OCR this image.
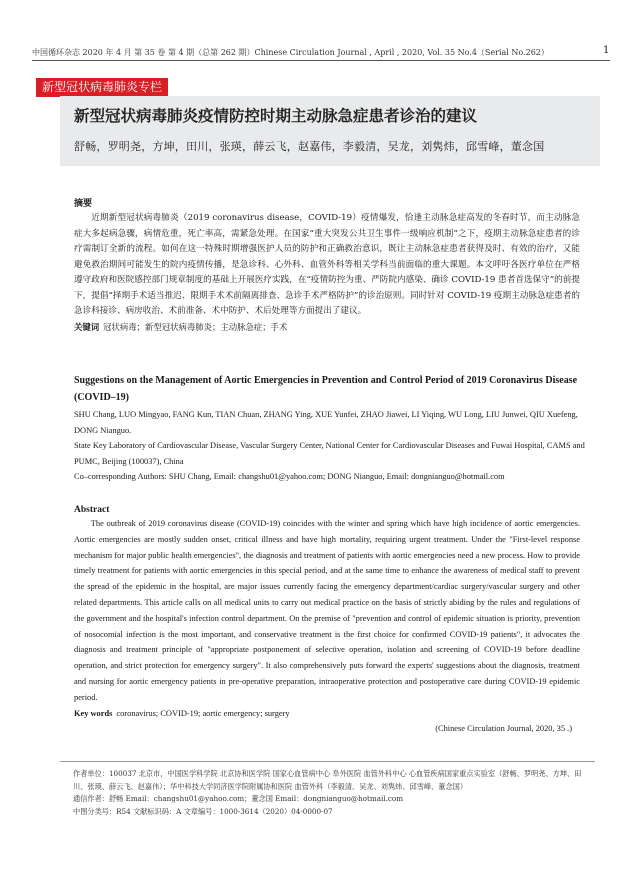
中国循环杂志 2020 年 4 月 第 35 卷 第 4 期（总第 262 期）Chinese Circulation Journal , April , 2020, Vol. 35 No.4（Serial No.262）	1
新型冠状病毒肺炎专栏
新型冠状病毒肺炎疫情防控时期主动脉急症患者诊治的建议
舒畅，罗明尧，方坤，田川，张瑛，薛云飞，赵嘉伟，李毅清，吴龙，刘隽炜，邱雪峰，董念国
摘要
近期新型冠状病毒肺炎（2019 coronavirus disease，COVID-19）疫情爆发，恰逢主动脉急症高发的冬春时节，而主动脉急症大多起病急骤，病情危重，死亡率高，需紧急处理。在国家“重大突发公共卫生事件一级响应机制”之下，疫期主动脉急症患者的诊疗需制订全新的流程。如何在这一特殊时期增强医护人员的防护和正确救治意识，既让主动脉急症患者获得及时、有效的治疗，又能避免救治期间可能发生的院内疫情传播，是急诊科、心外科、血管外科等相关学科当前面临的重大课题。本文呼吁各医疗单位在严格遵守政府和医院感控部门规章制度的基础上开展医疗实践，在“疫情防控为重、严防院内感染、确诊 COVID-19 患者首选保守”的前提下，提倡“择期手术适当推迟、限期手术术前隔离排查、急诊手术严格防护”的诊治原则。同时针对 COVID-19 疫期主动脉急症患者的急诊科接诊、病房收治、术前准备、术中防护、术后处理等方面提出了建议。
关键词 冠状病毒；新型冠状病毒肺炎；主动脉急症；手术
Suggestions on the Management of Aortic Emergencies in Prevention and Control Period of 2019 Coronavirus Disease (COVID–19)
SHU Chang, LUO Mingyao, FANG Kun, TIAN Chuan, ZHANG Ying, XUE Yunfei, ZHAO Jiawei, LI Yiqing, WU Long, LIU Junwei, QIU Xuefeng, DONG Nianguo.
State Key Laboratory of Cardiovascular Disease, Vascular Surgery Center, National Center for Cardiovascular Diseases and Fuwai Hospital, CAMS and PUMC, Beijing (100037), China
Co–corresponding Authors: SHU Chang, Email: changshu01@yahoo.com; DONG Nianguo, Email: dongnianguo@hotmail.com
Abstract
The outbreak of 2019 coronavirus disease (COVID-19) coincides with the winter and spring which have high incidence of aortic emergencies. Aortic emergencies are mostly sudden onset, critical illness and have high mortality, requiring urgent treatment. Under the "First-level response mechanism for major public health emergencies", the diagnosis and treatment of patients with aortic emergencies need a new process. How to provide timely treatment for patients with aortic emergencies in this special period, and at the same time to enhance the awareness of medical staff to prevent the spread of the epidemic in the hospital, are major issues currently facing the emergency department/cardiac surgery/vascular surgery and other related departments. This article calls on all medical units to carry out medical practice on the basis of strictly abiding by the rules and regulations of the government and the hospital's infection control department. On the premise of "prevention and control of epidemic situation is priority, prevention of nosocomial infection is the most important, and conservative treatment is the first choice for confirmed COVID-19 patients", it advocates the diagnosis and treatment principle of "appropriate postponement of selective operation, isolation and screening of COVID-19 before deadline operation, and strict protection for emergency surgery". It also comprehensively puts forward the experts' suggestions about the diagnosis, treatment and nursing for aortic emergency patients in pre-operative preparation, intraoperative protection and postoperative care during COVID-19 epidemic period.
Key words coronavirus; COVID-19; aortic emergency; surgery
(Chinese Circulation Journal, 2020, 35 .)
作者单位：100037 北京市，中国医学科学院 北京协和医学院 国家心血管病中心 阜外医院 血管外科中心 心血管疾病国家重点实验室（舒畅、罗明尧、方坤、田川、张瑛、薛云飞、赵嘉伟）；华中科技大学同济医学院附属协和医院 血管外科（李毅清、吴龙、刘隽炜、邱雪峰、董念国）
通信作者：舒畅 Email：changshu01@yahoo.com；董念国 Email：dongnianguo@hotmail.com
中图分类号：R54 文献标识码：A 文章编号：1000-3614（2020）04-0000-07
